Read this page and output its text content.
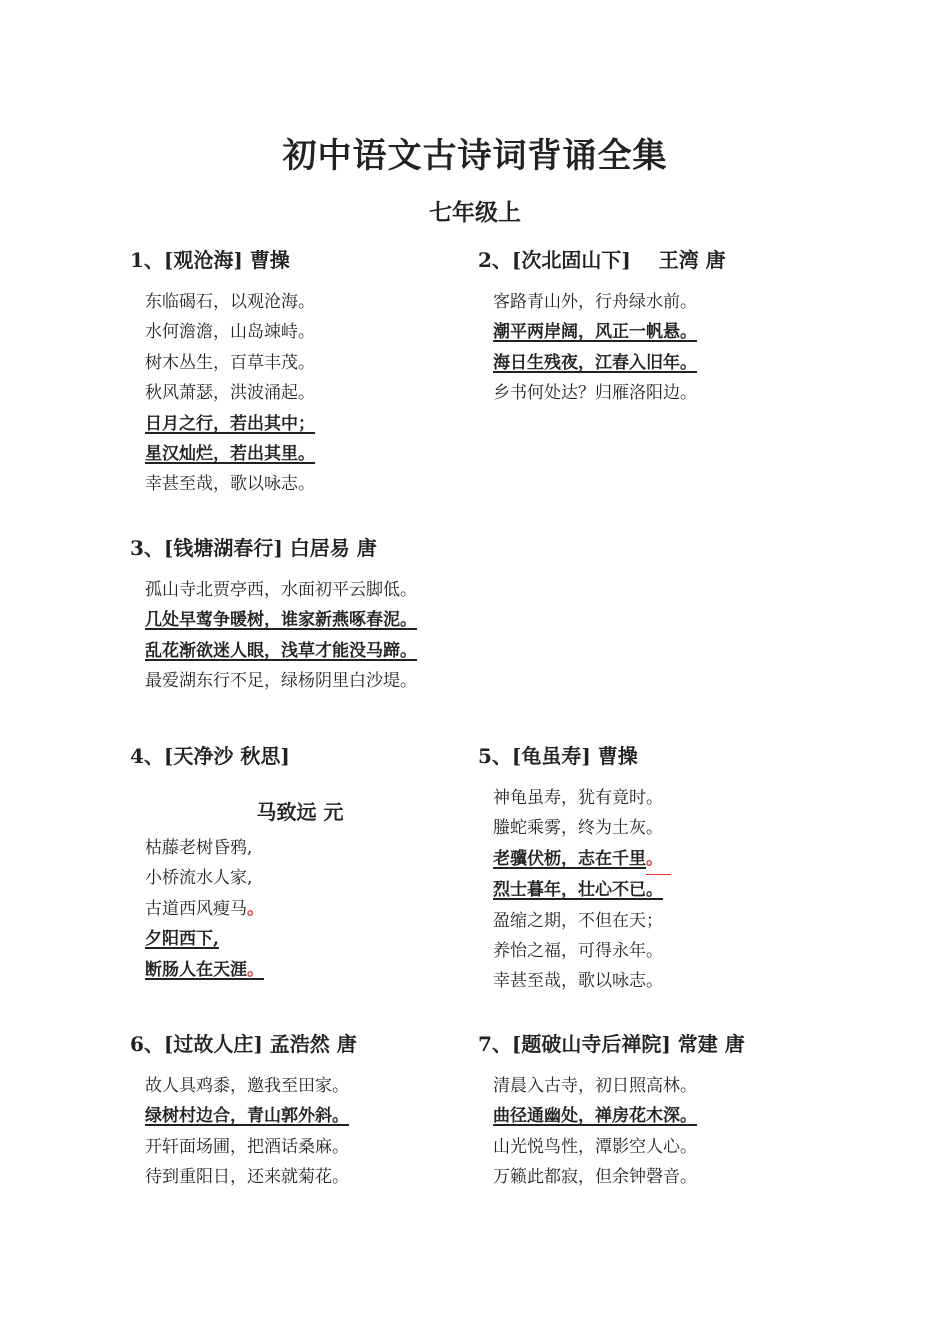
初中语文古诗词背诵全集
七年级上
1、[观沧海] 曹操
东临碣石，以观沧海。
水何澹澹，山岛竦峙。
树木丛生，百草丰茂。
秋风萧瑟，洪波涌起。
日月之行，若出其中；
星汉灿烂，若出其里。
幸甚至哉，歌以咏志。
2、[次北固山下]    王湾 唐
客路青山外，行舟绿水前。
潮平两岸阔，风正一帆悬。
海日生残夜，江春入旧年。
乡书何处达？归雁洛阳边。
3、[钱塘湖春行] 白居易 唐
孤山寺北贾亭西，水面初平云脚低。
几处早莺争暖树，谁家新燕啄春泥。
乱花渐欲迷人眼，浅草才能没马蹄。
最爱湖东行不足，绿杨阴里白沙堤。
4、[天净沙 秋思]
马致远 元
枯藤老树昏鸦,
小桥流水人家,
古道西风瘦马。
夕阳西下,
断肠人在天涯。
5、[龟虽寿] 曹操
神龟虽寿，犹有竟时。
螣蛇乘雾，终为土灰。
老骥伏枥，志在千里。
烈士暮年，壮心不已。
盈缩之期，不但在天；
养怡之福，可得永年。
幸甚至哉，歌以咏志。
6、[过故人庄] 孟浩然 唐
故人具鸡黍，邀我至田家。
绿树村边合，青山郭外斜。
开轩面场圃，把酒话桑麻。
待到重阳日，还来就菊花。
7、[题破山寺后禅院] 常建 唐
清晨入古寺，初日照高林。
曲径通幽处，禅房花木深。
山光悦鸟性，潭影空人心。
万籁此都寂，但余钟磬音。
